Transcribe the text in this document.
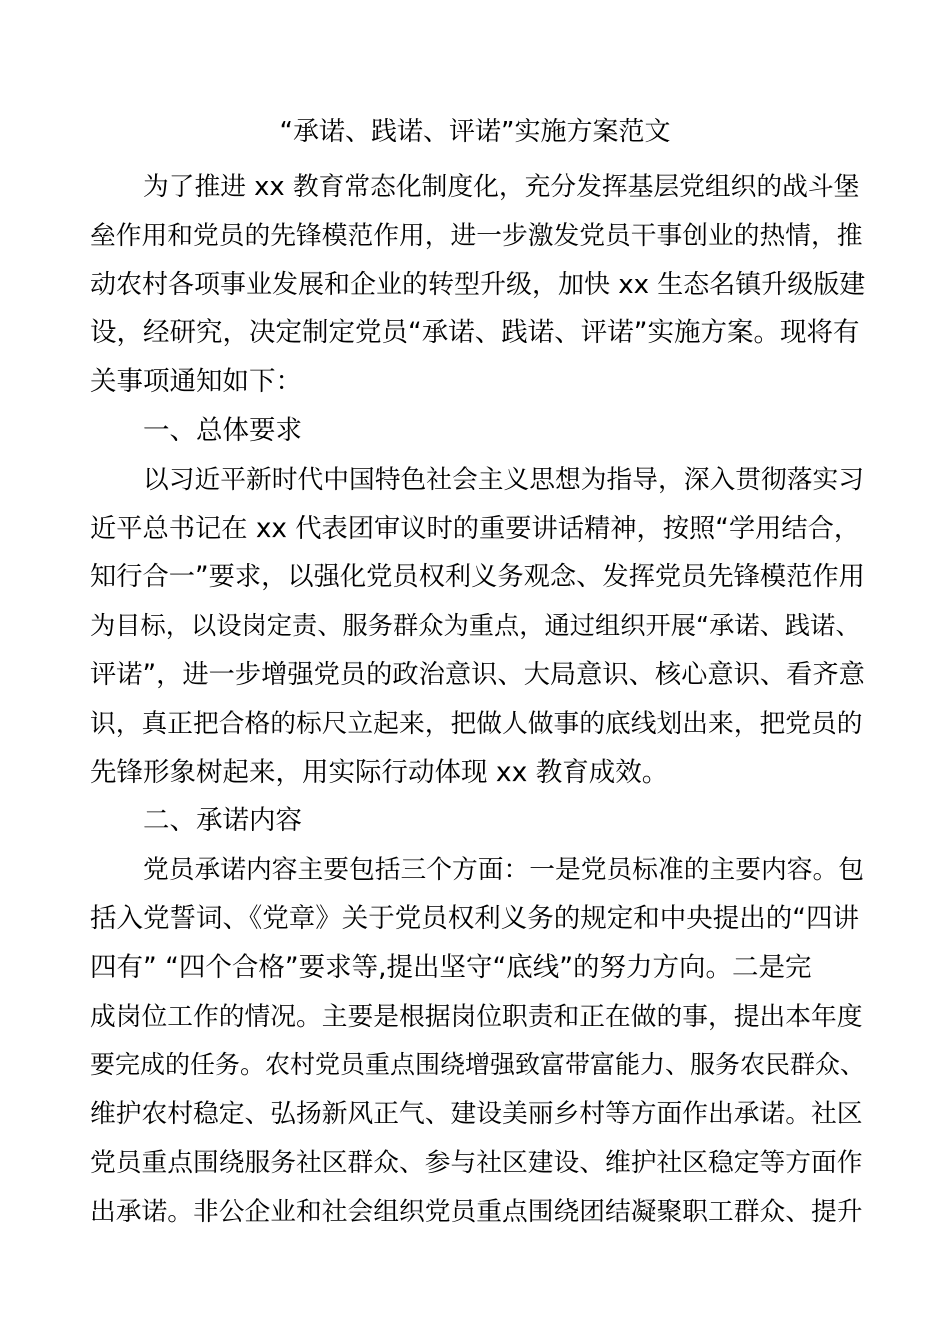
“承诺、践诺、评诺”实施方案范文
为了推进 xx 教育常态化制度化，充分发挥基层党组织的战斗堡
垒作用和党员的先锋模范作用，进一步激发党员干事创业的热情，推
动农村各项事业发展和企业的转型升级，加快 xx 生态名镇升级版建
设，经研究，决定制定党员“承诺、践诺、评诺”实施方案。现将有
关事项通知如下：
一、总体要求
以习近平新时代中国特色社会主义思想为指导，深入贯彻落实习
近平总书记在 xx 代表团审议时的重要讲话精神，按照“学用结合，
知行合一”要求，以强化党员权利义务观念、发挥党员先锋模范作用
为目标，以设岗定责、服务群众为重点，通过组织开展“承诺、践诺、
评诺”，进一步增强党员的政治意识、大局意识、核心意识、看齐意
识，真正把合格的标尺立起来，把做人做事的底线划出来，把党员的
先锋形象树起来，用实际行动体现 xx 教育成效。
二、承诺内容
党员承诺内容主要包括三个方面：一是党员标准的主要内容。包
括入党誓词、《党章》关于党员权利义务的规定和中央提出的“四讲
四有” “四个合格”要求等,提出坚守“底线”的努力方向。二是完
成岗位工作的情况。主要是根据岗位职责和正在做的事，提出本年度
要完成的任务。农村党员重点围绕增强致富带富能力、服务农民群众、
维护农村稳定、弘扬新风正气、建设美丽乡村等方面作出承诺。社区
党员重点围绕服务社区群众、参与社区建设、维护社区稳定等方面作
出承诺。非公企业和社会组织党员重点围绕团结凝聚职工群众、提升
